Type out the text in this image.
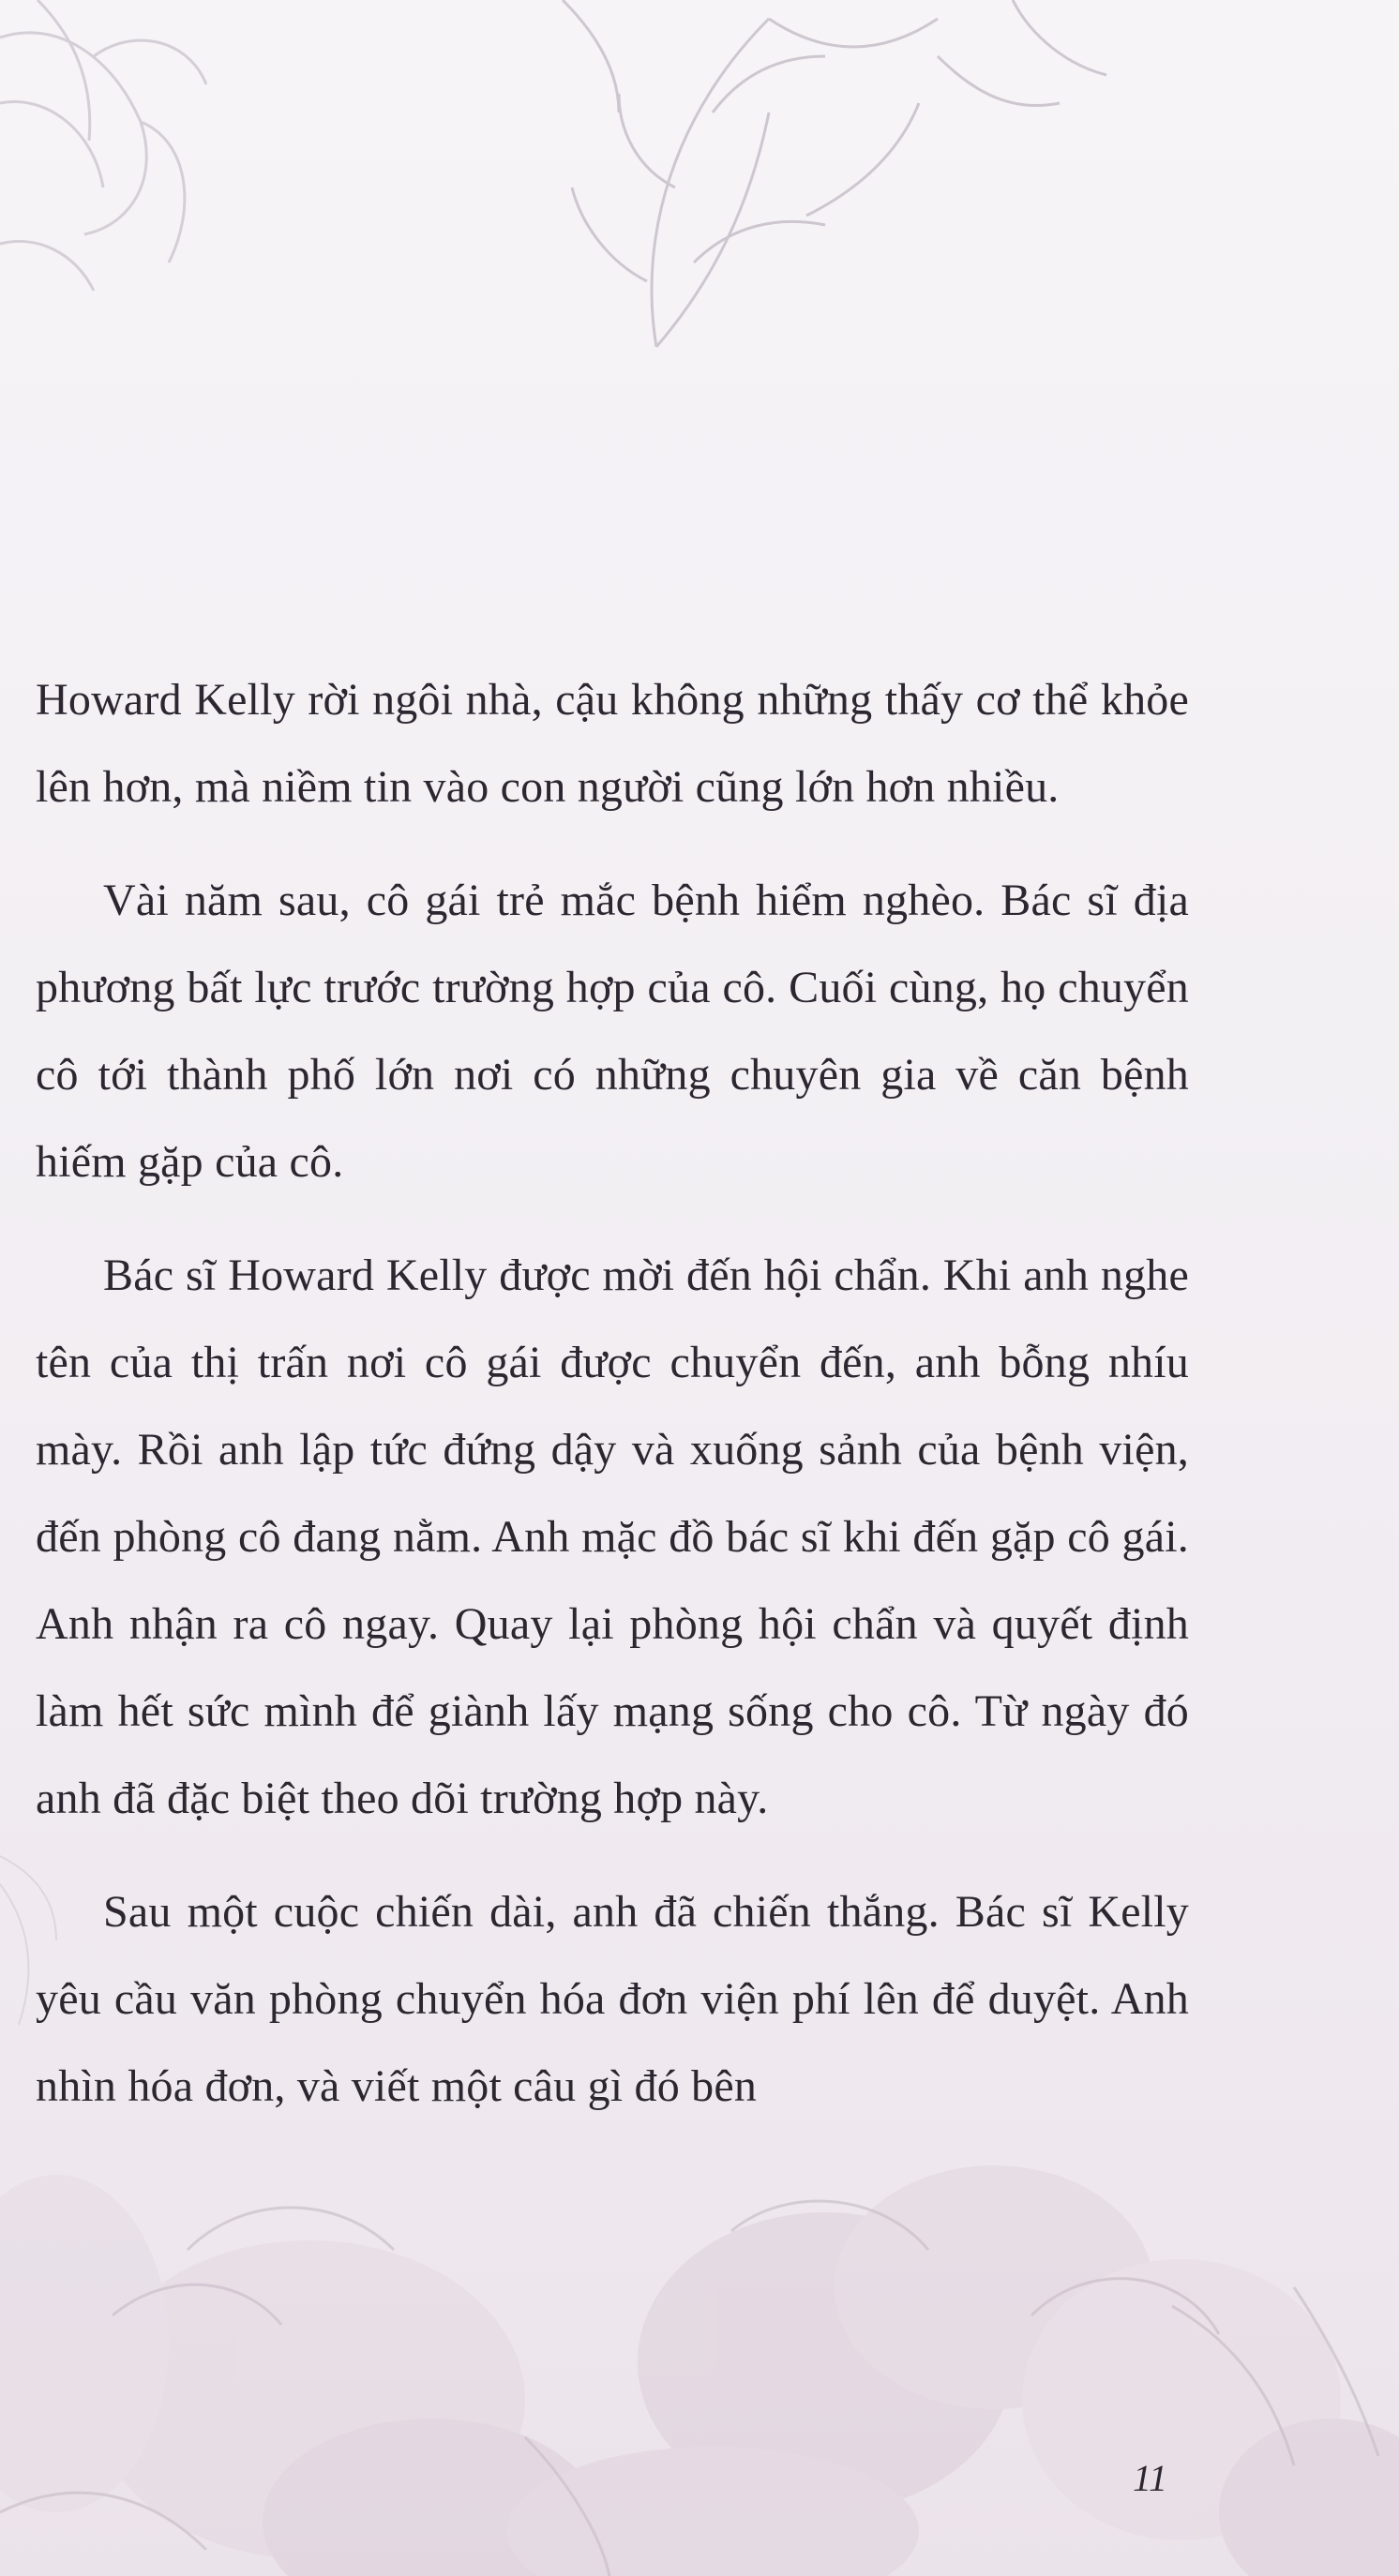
Howard Kelly rời ngôi nhà, cậu không những thấy cơ thể khỏe lên hơn, mà niềm tin vào con người cũng lớn hơn nhiều.

Vài năm sau, cô gái trẻ mắc bệnh hiểm nghèo. Bác sĩ địa phương bất lực trước trường hợp của cô. Cuối cùng, họ chuyển cô tới thành phố lớn nơi có những chuyên gia về căn bệnh hiếm gặp của cô.

Bác sĩ Howard Kelly được mời đến hội chẩn. Khi anh nghe tên của thị trấn nơi cô gái được chuyển đến, anh bỗng nhíu mày. Rồi anh lập tức đứng dậy và xuống sảnh của bệnh viện, đến phòng cô đang nằm. Anh mặc đồ bác sĩ khi đến gặp cô gái. Anh nhận ra cô ngay. Quay lại phòng hội chẩn và quyết định làm hết sức mình để giành lấy mạng sống cho cô. Từ ngày đó anh đã đặc biệt theo dõi trường hợp này.

Sau một cuộc chiến dài, anh đã chiến thắng. Bác sĩ Kelly yêu cầu văn phòng chuyển hóa đơn viện phí lên để duyệt. Anh nhìn hóa đơn, và viết một câu gì đó bên

11
